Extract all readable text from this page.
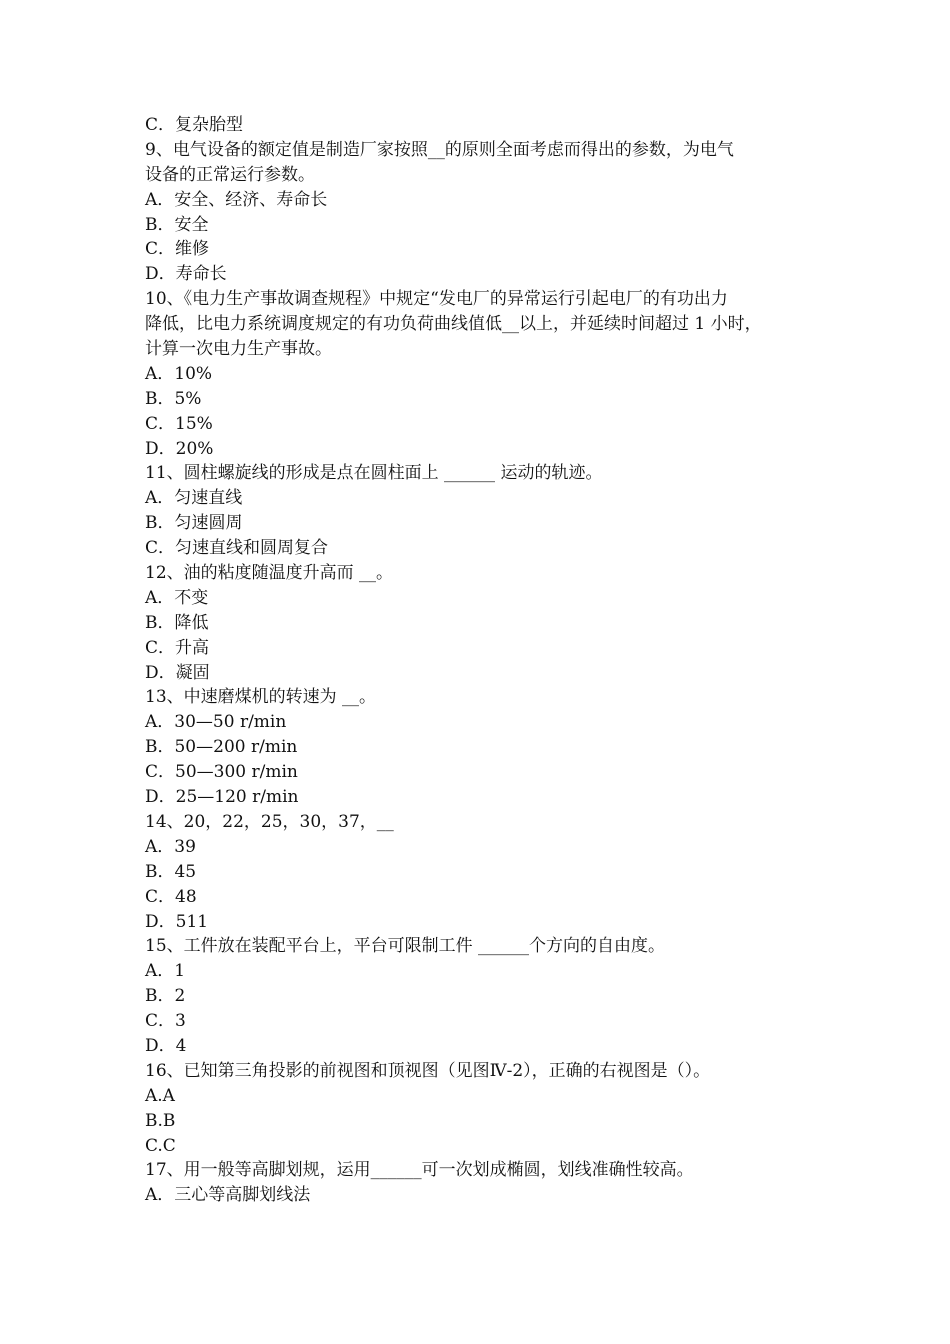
C．复杂胎型
9、电气设备的额定值是制造厂家按照__的原则全面考虑而得出的参数，为电气
设备的正常运行参数。
A．安全、经济、寿命长
B．安全
C．维修
D．寿命长
10、《电力生产事故调查规程》中规定“发电厂的异常运行引起电厂的有功出力
降低，比电力系统调度规定的有功负荷曲线值低__以上，并延续时间超过 1 小时，
计算一次电力生产事故。
A．10%
B．5%
C．15%
D．20%
11、圆柱螺旋线的形成是点在圆柱面上 ______ 运动的轨迹。
A．匀速直线
B．匀速圆周
C．匀速直线和圆周复合
12、油的粘度随温度升高而 __。
A．不变
B．降低
C．升高
D．凝固
13、中速磨煤机的转速为 __。
A．30—50 r/min
B．50—200 r/min
C．50—300 r/min
D．25—120 r/min
14、20，22，25，30，37，__
A．39
B．45
C．48
D．511
15、工件放在装配平台上，平台可限制工件 ______个方向的自由度。
A．1
B．2
C．3
D．4
16、已知第三角投影的前视图和顶视图（见图Ⅳ-2），正确的右视图是（）。
A.A
B.B
C.C
17、用一般等高脚划规，运用______可一次划成椭圆，划线准确性较高。
A．三心等高脚划线法
